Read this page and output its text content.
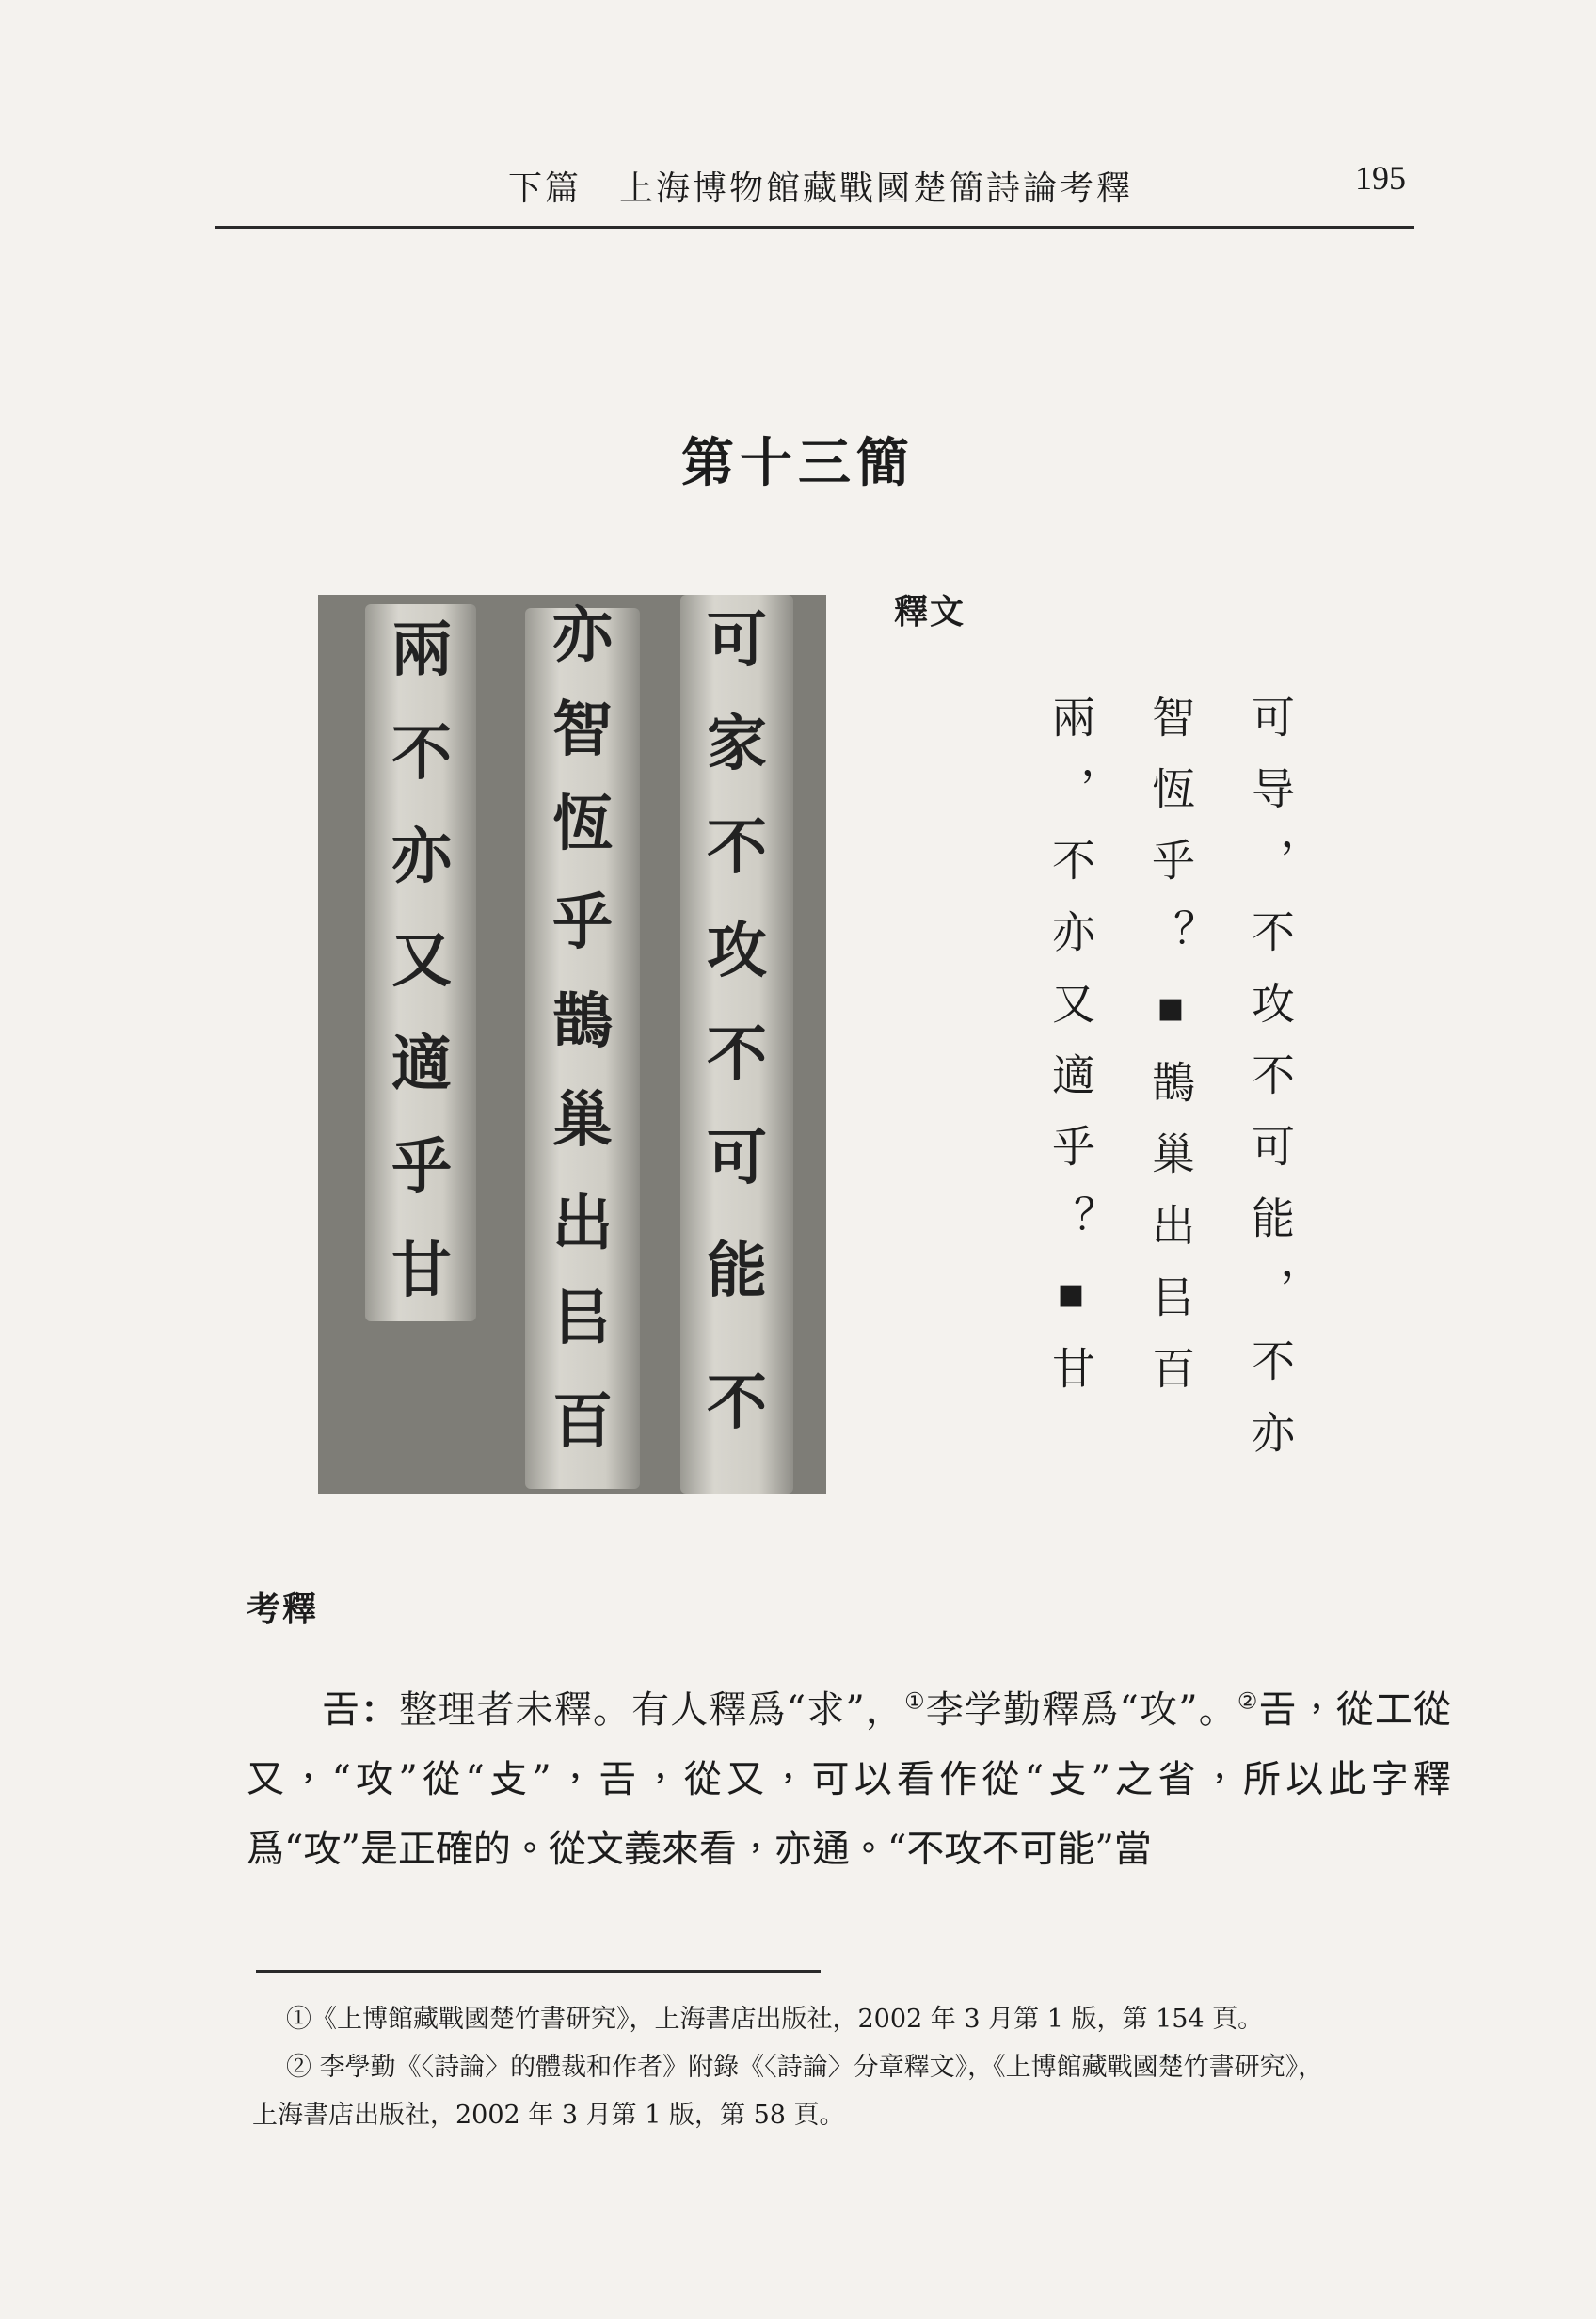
下篇 上海博物館藏戰國楚簡詩論考釋	195
第十三簡
兩
不
亦
又
適
乎
甘
亦
智
恆
乎
鵲
巢
出
㠯
百
可
家
不
攻
不
可
能
不
釋文
可导，不攻不可能，不亦
智恆乎？▪鵲巢出㠯百
兩，不亦又適乎？▪甘
考釋
𢀛：整理者未釋。有人釋爲“求”，①李学勤釋爲“攻”。②𢀛，從工從又，“攻”從“攴”，𢀛，從又，可以看作從“攴”之省，所以此字釋爲“攻”是正確的。從文義來看，亦通。“不攻不可能”當
①《上博館藏戰國楚竹書研究》，上海書店出版社，2002 年 3 月第 1 版，第 154 頁。
② 李學勤《〈詩論〉的體裁和作者》附錄《〈詩論〉分章釋文》，《上博館藏戰國楚竹書研究》，
上海書店出版社，2002 年 3 月第 1 版，第 58 頁。
